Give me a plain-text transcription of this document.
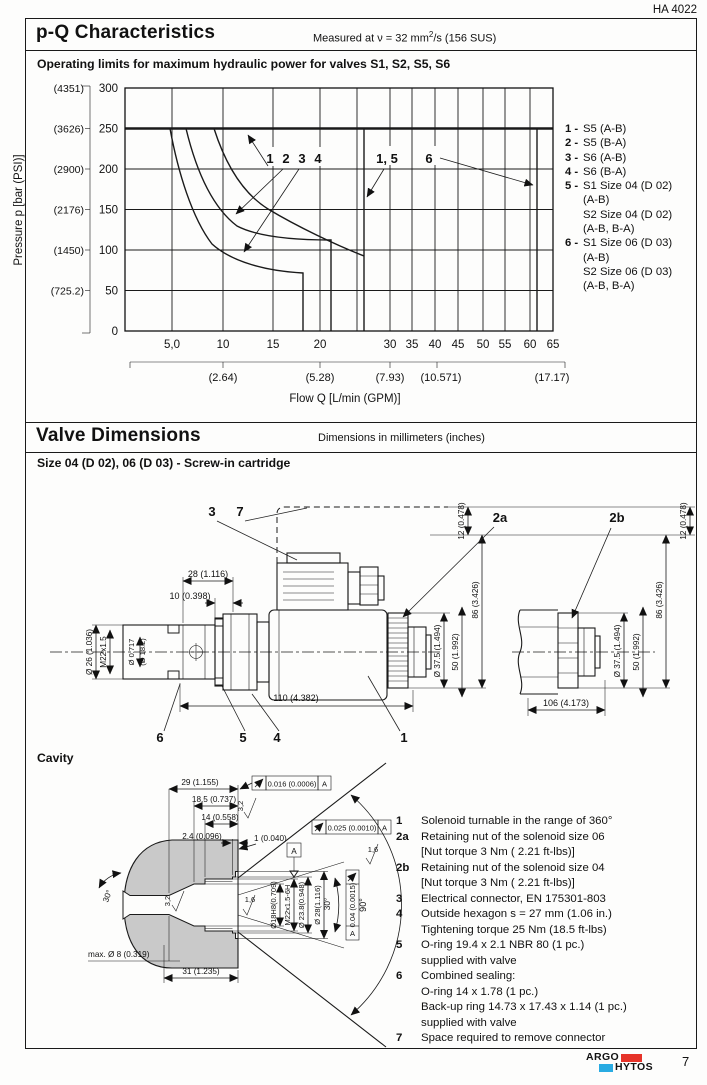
HA 4022
p-Q Characteristics	Measured at ν = 32 $mm^2/s$ (156 SUS)
Operating limits for maximum hydraulic power for valves S1, S2, S5, S6
1 2 3 4	1, 5 6
300
250
200
150
100
50
0
(4351)
(3626)
(2900)
(2176)
(1450)
(725.2)
Pressure p [bar (PSI)]
5,0	10	15	20	30 35 40 45 50 55 60 65
(2.64)	(5.28)	(7.93) (10.571)	(17.17)
Flow Q [L/min (GPM)]
1 - S5 (A-B)
2 - S5 (B-A)
3 - S6 (A-B)
4 - S6 (B-A)
5 - S1 Size 04 (D 02)
(A-B)
S2 Size 04 (D 02)
(A-B, B-A)
6 - S1 Size 06 (D 03)
(A-B)
S2 Size 06 (D 03)
(A-B, B-A)
Valve Dimensions	Dimensions in millimeters (inches)
Size 04 (D 02), 06 (D 03) - Screw-in cartridge
28 (1.116)
10 (0.398)
Ø 26 (1.036) M22x1.5	Ø 0.717 (Ø 18.2)
110 (4.382)
Ø 37.5 (1.494) 50 (1.992)
86 (3.426)
12 (0.478)
3 7
6	5 4	1
2a
Ø 37.5 (1.494) 50 (1.992)
86 (3.426)
12 (0.478)
106 (4.173)
2b
Cavity
90°
30° 0.04 (0.0015)
A
Ø18H8(0.709) M22x1.5-6H Ø 23.8(0.948) Ø 28(1.116)
29 (1.155)
18.5 (0.737)
14 (0.558)
2.4 (0.096)	1 (0.040)
0.016 (0.0006) A
0.025 (0.0010) A
A
3,2
3,2	1,6
1,6
30°
max. Ø 8 (0.319)
31 (1.235)
1	Solenoid turnable in the range of 360°
2a	Retaining nut of the solenoid size 06
[Nut torque 3 Nm ( 2.21 ft-lbs)]
2b	Retaining nut of the solenoid size 04
[Nut torque 3 Nm ( 2.21 ft-lbs)]
3	Electrical connector, EN 175301-803
4	Outside hexagon s = 27 mm (1.06 in.)
Tightening torque 25 Nm (18.5 ft-lbs)
5	O-ring 19.4 x 2.1 NBR 80 (1 pc.)
supplied with valve
6	Combined sealing:
O-ring 14 x 1.78 (1 pc.)
Back-up ring 14.73 x 17.43 x 1.14 (1 pc.)
supplied with valve
7	Space required to remove connector
ARGO
HYTOS 7
